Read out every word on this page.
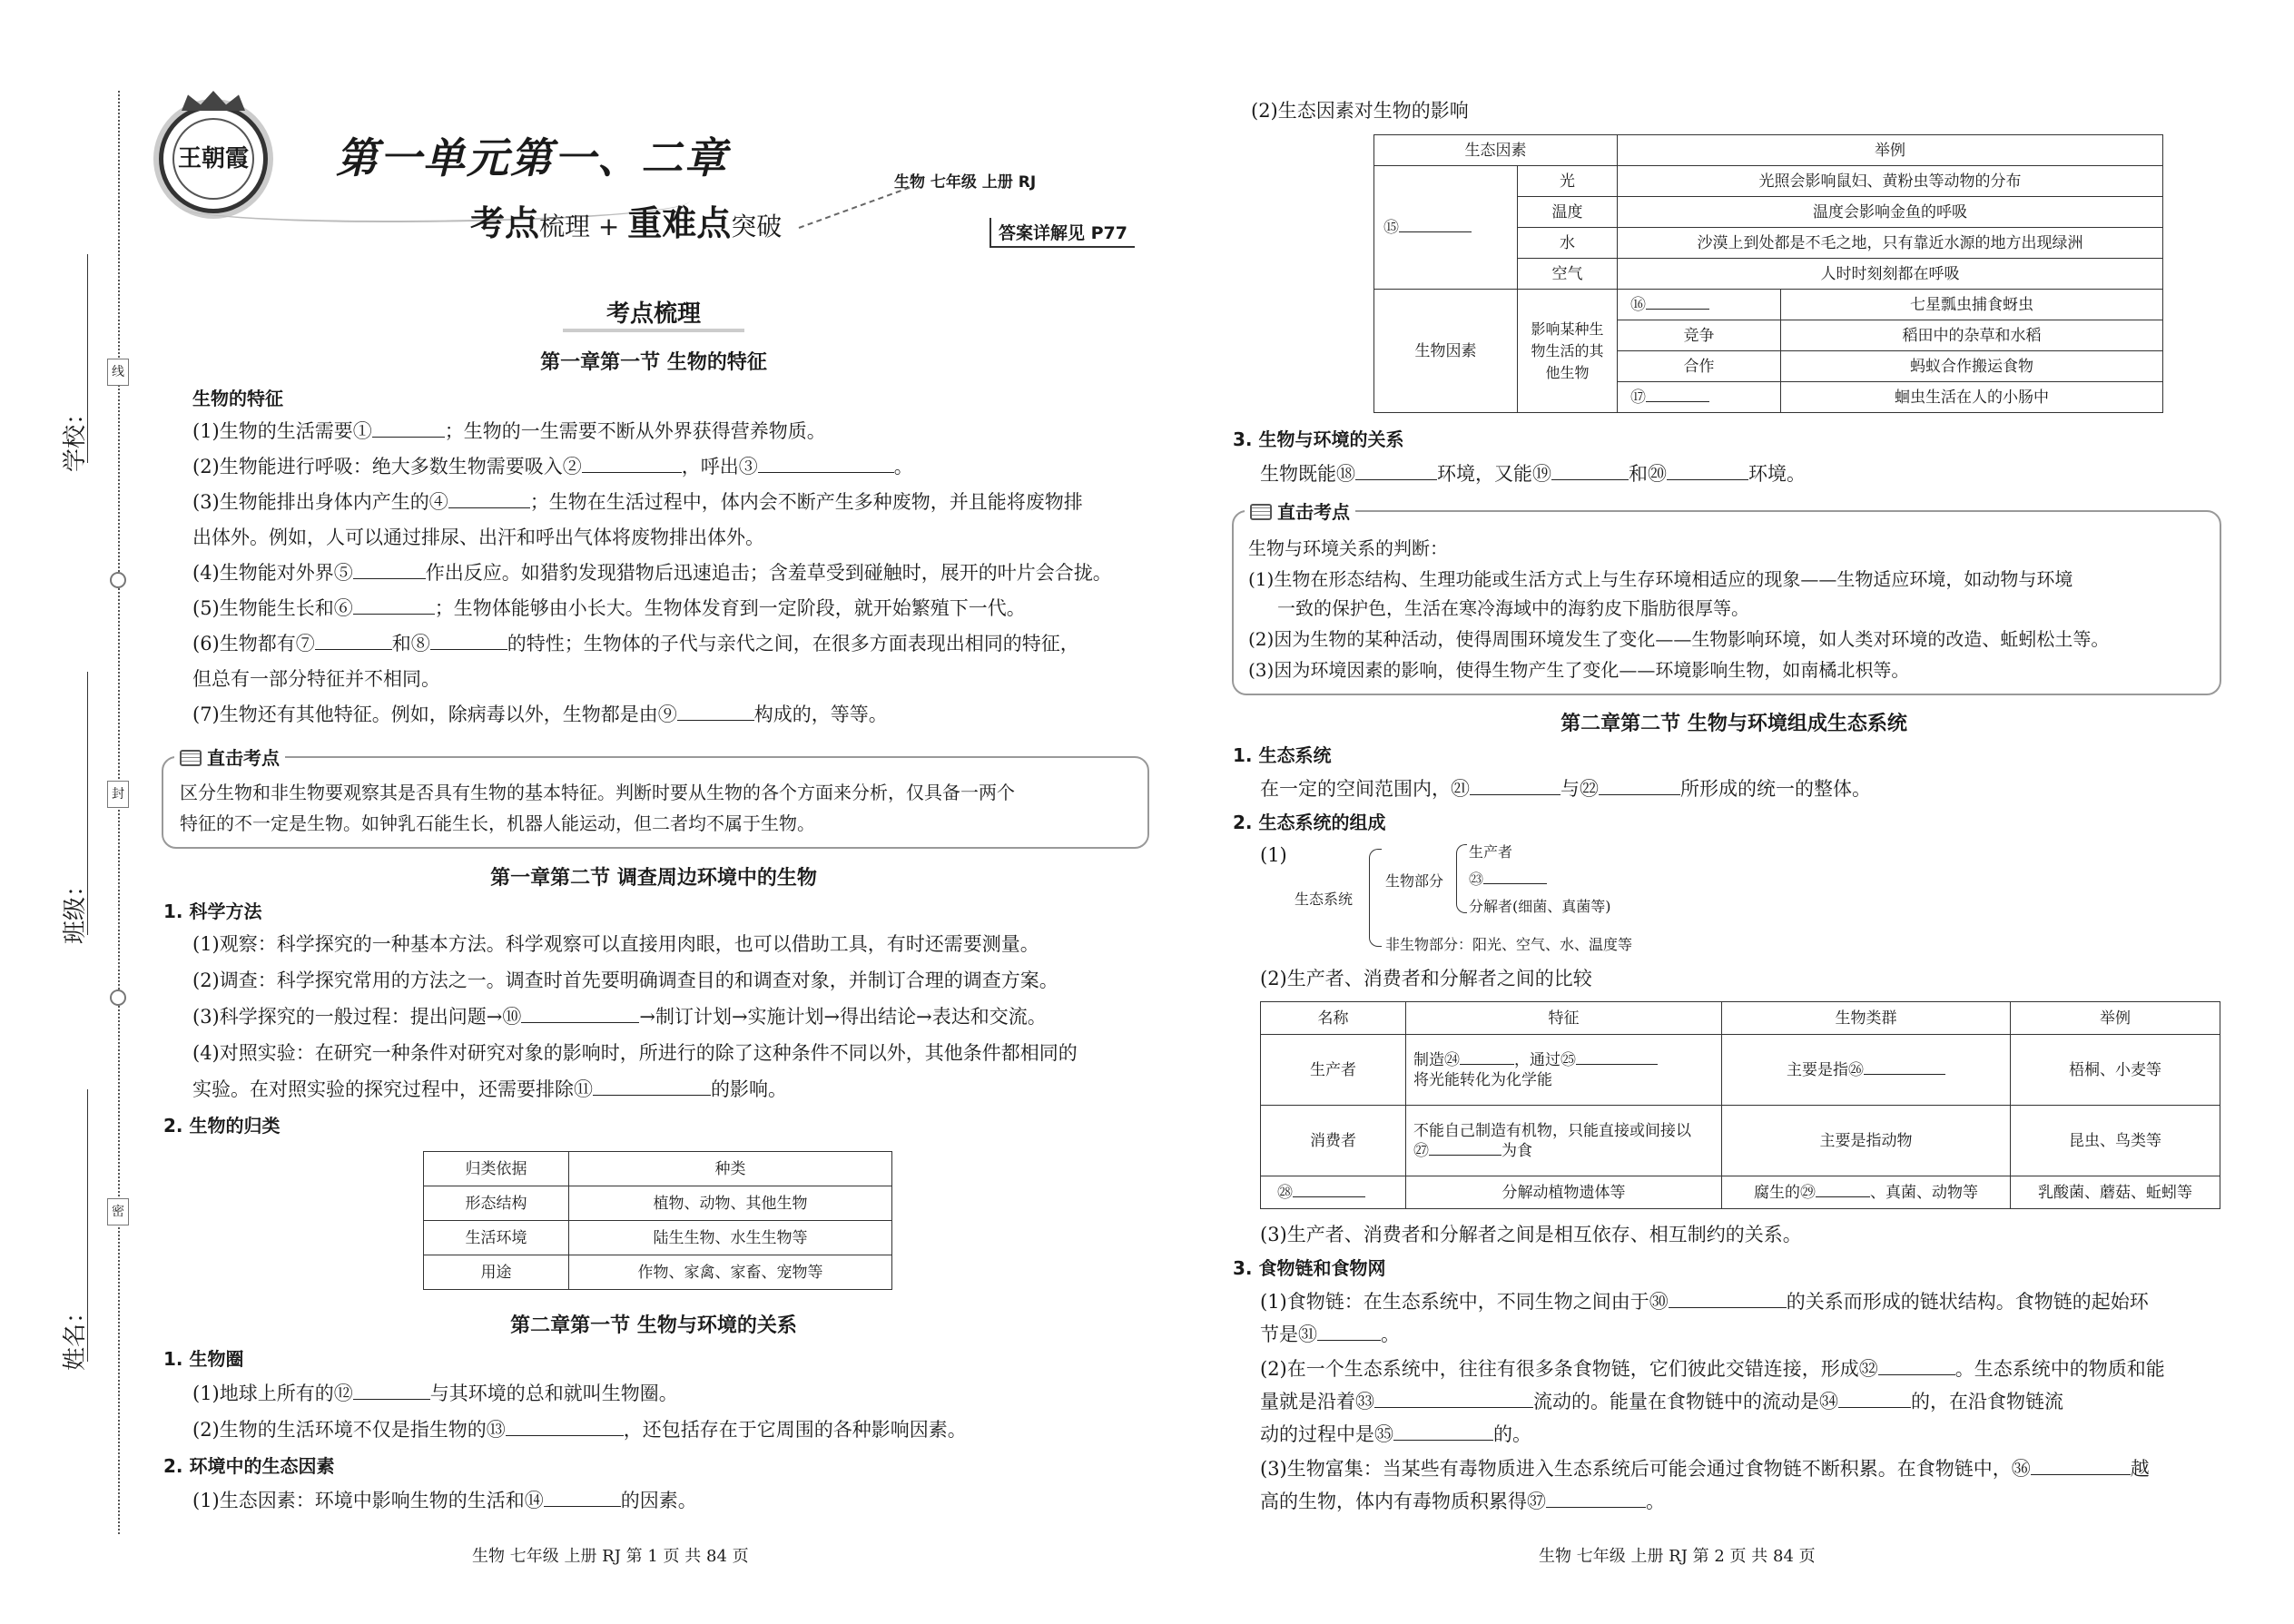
学校：
班级：
姓名：
线
封
密
王朝霞	第一单元第一、二章	生物 七年级 上册 RJ
考点梳理 + 重难点突破	答案详解见 P77
考点梳理
第一章第一节 生物的特征
生物的特征
(1)生物的生活需要①	；生物的一生需要不断从外界获得营养物质。
(2)生物能进行呼吸：绝大多数生物需要吸入②	，呼出③	。
(3)生物能排出身体内产生的④	；生物在生活过程中，体内会不断产生多种废物，并且能将废物排
出体外。例如，人可以通过排尿、出汗和呼出气体将废物排出体外。
(4)生物能对外界⑤	作出反应。如猎豹发现猎物后迅速追击；含羞草受到碰触时，展开的叶片会合拢。
(5)生物能生长和⑥	；生物体能够由小长大。生物体发育到一定阶段，就开始繁殖下一代。
(6)生物都有⑦	和⑧	的特性；生物体的子代与亲代之间，在很多方面表现出相同的特征，
但总有一部分特征并不相同。
(7)生物还有其他特征。例如，除病毒以外，生物都是由⑨	构成的，等等。
直击考点
区分生物和非生物要观察其是否具有生物的基本特征。判断时要从生物的各个方面来分析，仅具备一两个
特征的不一定是生物。如钟乳石能生长，机器人能运动，但二者均不属于生物。
第一章第二节 调查周边环境中的生物
1. 科学方法
(1)观察：科学探究的一种基本方法。科学观察可以直接用肉眼，也可以借助工具，有时还需要测量。
(2)调查：科学探究常用的方法之一。调查时首先要明确调查目的和调查对象，并制订合理的调查方案。
(3)科学探究的一般过程：提出问题→⑩	→制订计划→实施计划→得出结论→表达和交流。
(4)对照实验：在研究一种条件对研究对象的影响时，所进行的除了这种条件不同以外，其他条件都相同的
实验。在对照实验的探究过程中，还需要排除⑪	的影响。
2. 生物的归类
归类依据	种类
形态结构	植物、动物、其他生物
生活环境	陆生生物、水生生物等
用途	作物、家禽、家畜、宠物等
第二章第一节 生物与环境的关系
1. 生物圈
(1)地球上所有的⑫	与其环境的总和就叫生物圈。
(2)生物的生活环境不仅是指生物的⑬	，还包括存在于它周围的各种影响因素。
2. 环境中的生态因素
(1)生态因素：环境中影响生物的生活和⑭	的因素。
生物 七年级 上册 RJ 第 1 页 共 84 页
(2)生态因素对生物的影响
生态因素		举例	
⑮	光	光照会影响鼠妇、黄粉虫等动物的分布	
	温度	温度会影响金鱼的呼吸	
	水	沙漠上到处都是不毛之地，只有靠近水源的地方出现绿洲	
	空气	人时时刻刻都在呼吸	
生物因素	影响某种生
物生活的其
他生物	⑯	七星瓢虫捕食蚜虫
		竞争	稻田中的杂草和水稻
		合作	蚂蚁合作搬运食物
		⑰	蛔虫生活在人的小肠中
3. 生物与环境的关系
生物既能⑱	环境，又能⑲	和⑳	环境。
直击考点
生物与环境关系的判断：
(1)生物在形态结构、生理功能或生活方式上与生存环境相适应的现象——生物适应环境，如动物与环境
一致的保护色，生活在寒冷海域中的海豹皮下脂肪很厚等。
(2)因为生物的某种活动，使得周围环境发生了变化——生物影响环境，如人类对环境的改造、蚯蚓松土等。
(3)因为环境因素的影响，使得生物产生了变化——环境影响生物，如南橘北枳等。
第二章第二节 生物与环境组成生态系统
1. 生态系统
在一定的空间范围内，㉑	与㉒	所形成的统一的整体。
2. 生态系统的组成
(1)
生态系统
生物部分
生产者
㉓
分解者(细菌、真菌等)
非生物部分：阳光、空气、水、温度等
(2)生产者、消费者和分解者之间的比较
名称	特征	生物类群	举例
生产者	制造㉔ ，通过㉕
将光能转化为化学能	主要是指㉖	梧桐、小麦等
消费者	不能自己制造有机物，只能直接或间接以
㉗ 为食	主要是指动物	昆虫、鸟类等
㉘	分解动植物遗体等	腐生的㉙ 、真菌、动物等	乳酸菌、蘑菇、蚯蚓等
(3)生产者、消费者和分解者之间是相互依存、相互制约的关系。
3. 食物链和食物网
(1)食物链：在生态系统中，不同生物之间由于㉚	的关系而形成的链状结构。食物链的起始环
节是㉛	。
(2)在一个生态系统中，往往有很多条食物链，它们彼此交错连接，形成㉜	。生态系统中的物质和能
量就是沿着㉝	流动的。能量在食物链中的流动是㉞	的，在沿食物链流
动的过程中是㉟	的。
(3)生物富集：当某些有毒物质进入生态系统后可能会通过食物链不断积累。在食物链中，㊱	越
高的生物，体内有毒物质积累得㊲	。
生物 七年级 上册 RJ 第 2 页 共 84 页
